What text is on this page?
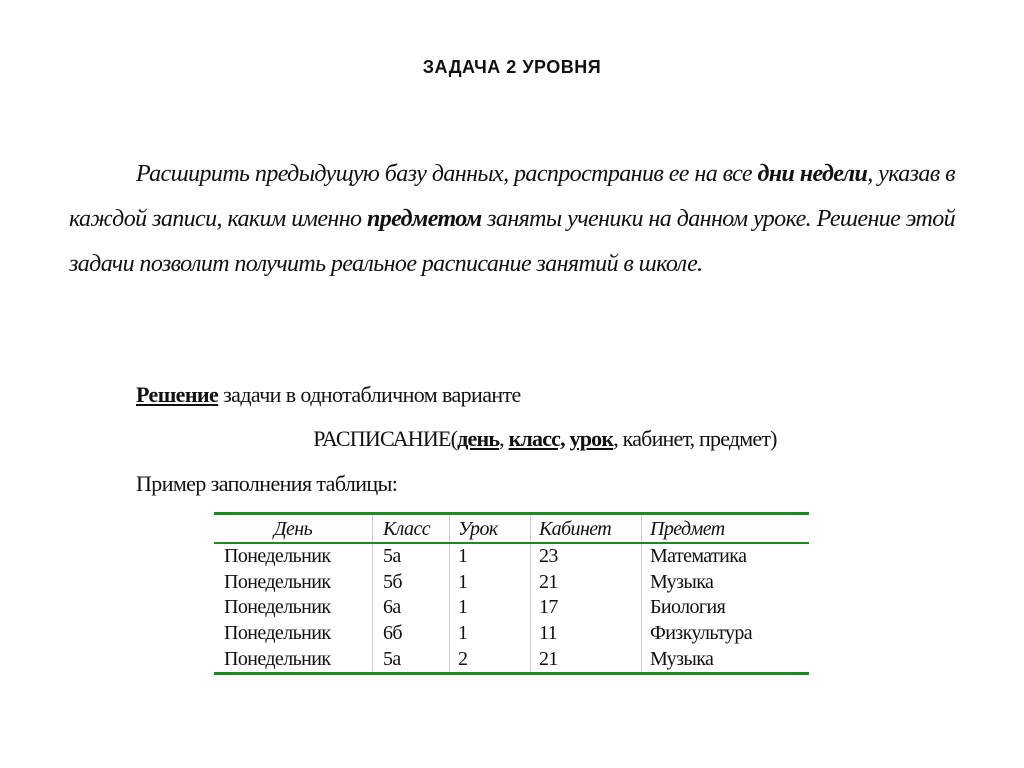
ЗАДАЧА 2 УРОВНЯ

Расширить предыдущую базу данных, распространив ее на все дни недели, указав в каждой записи, каким именно предметом заняты ученики на данном уроке. Решение этой задачи позволит получить реальное расписание занятий в школе.

Решение задачи в однотабличном варианте
РАСПИСАНИЕ(день, класс, урок, кабинет, предмет)
Пример заполнения таблицы:
День	Класс	Урок	Кабинет	Предмет
Понедельник	5а	1	23	Математика
Понедельник	5б	1	21	Музыка
Понедельник	6а	1	17	Биология
Понедельник	6б	1	11	Физкультура
Понедельник	5а	2	21	Музыка
